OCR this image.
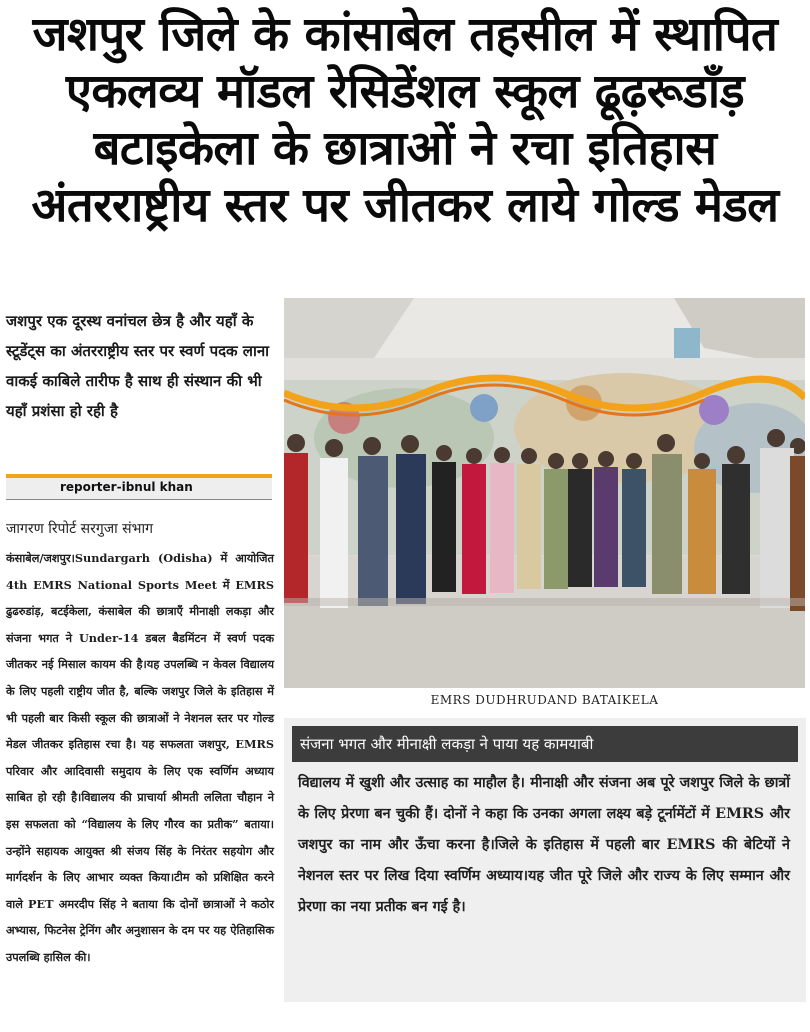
जशपुर जिले के कांसाबेल तहसील में स्थापित एकलव्य मॉडल रेसिडेंशल स्कूल ढूढ़रूडाँड़ बटाइकेला के छात्राओं ने रचा इतिहास अंतरराष्ट्रीय स्तर पर जीतकर लाये गोल्ड मेडल
जशपुर एक दूरस्थ वनांचल छेत्र है और यहाँ के स्टूडेंट्स का अंतरराष्ट्रीय स्तर पर स्वर्ण पदक लाना वाकई काबिले तारीफ है साथ ही संस्थान की भी यहाँ प्रशंसा हो रही है
reporter-ibnul khan
जागरण रिपोर्ट सरगुजा संभाग
कंसाबेल/जशपुर।Sundargarh (Odisha) में आयोजित 4th EMRS National Sports Meet में EMRS ढुढरुडांड़, बटईकेला, कंसाबेल की छात्राएँ मीनाक्षी लकड़ा और संजना भगत ने Under-14 डबल बैडमिंटन में स्वर्ण पदक जीतकर नई मिसाल कायम की है।यह उपलब्धि न केवल विद्यालय के लिए पहली राष्ट्रीय जीत है, बल्कि जशपुर जिले के इतिहास में भी पहली बार किसी स्कूल की छात्राओं ने नेशनल स्तर पर गोल्ड मेडल जीतकर इतिहास रचा है। यह सफलता जशपुर, EMRS परिवार और आदिवासी समुदाय के लिए एक स्वर्णिम अध्याय साबित हो रही है।विद्यालय की प्राचार्या श्रीमती ललिता चौहान ने इस सफलता को “विद्यालय के लिए गौरव का प्रतीक” बताया। उन्होंने सहायक आयुक्त श्री संजय सिंह के निरंतर सहयोग और मार्गदर्शन के लिए आभार व्यक्त किया।टीम को प्रशिक्षित करने वाले PET अमरदीप सिंह ने बताया कि दोनों छात्राओं ने कठोर अभ्यास, फिटनेस ट्रेनिंग और अनुशासन के दम पर यह ऐतिहासिक उपलब्धि हासिल की।
EMRS DUDHRUDAND BATAIKELA
संजना भगत और मीनाक्षी लकड़ा ने पाया यह कामयाबी
विद्यालय में खुशी और उत्साह का माहौल है। मीनाक्षी और संजना अब पूरे जशपुर जिले के छात्रों के लिए प्रेरणा बन चुकी हैं। दोनों ने कहा कि उनका अगला लक्ष्य बड़े टूर्नामेंटों में EMRS और जशपुर का नाम और ऊँचा करना है।जिले के इतिहास में पहली बार EMRS की बेटियों ने नेशनल स्तर पर लिख दिया स्वर्णिम अध्याय।यह जीत पूरे जिले और राज्य के लिए सम्मान और प्रेरणा का नया प्रतीक बन गई है।
